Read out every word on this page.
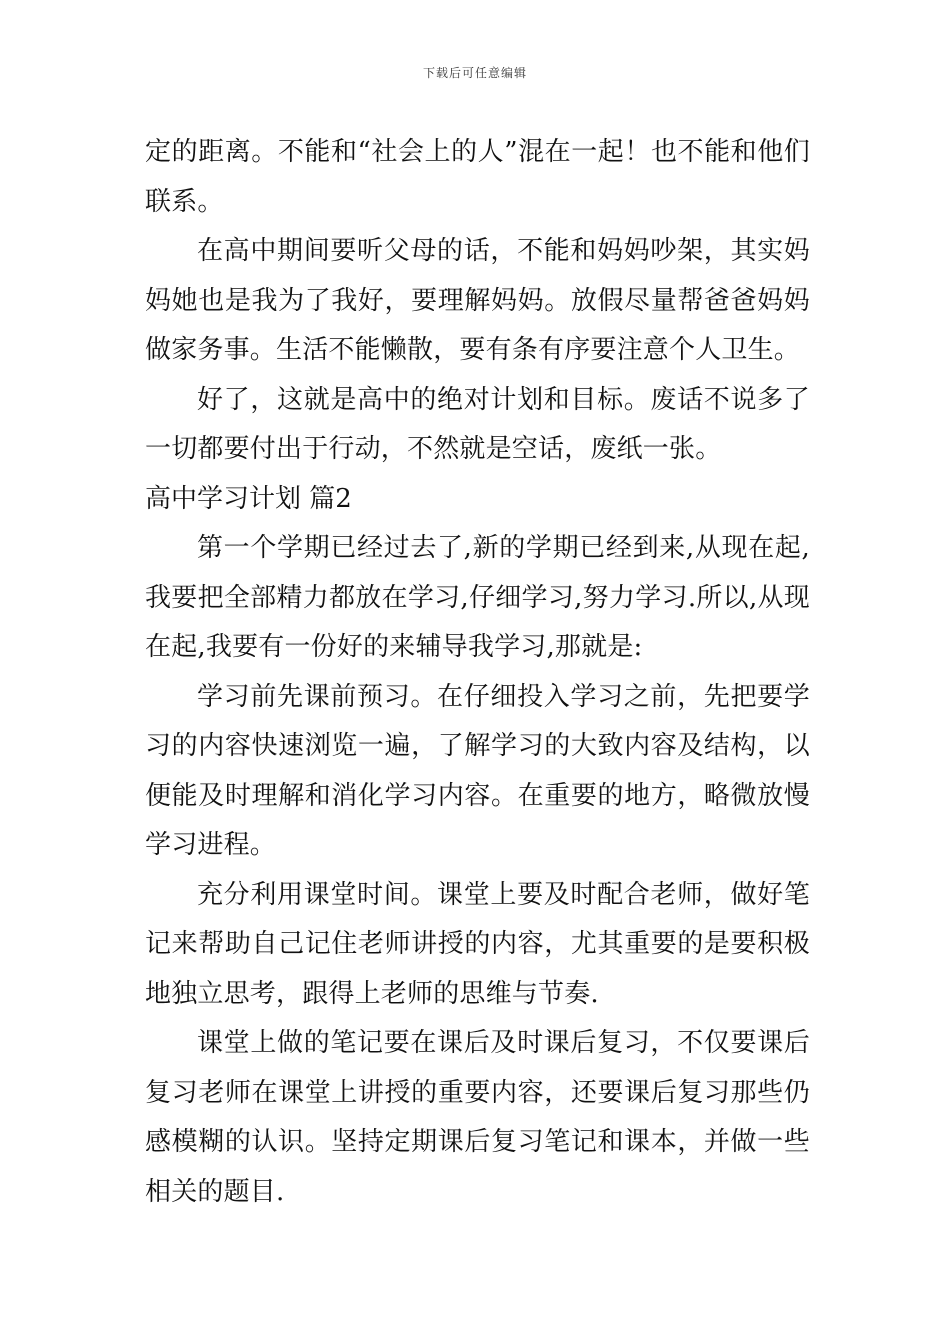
下载后可任意编辑

定的距离。不能和“社会上的人”混在一起！也不能和他们联系。

在高中期间要听父母的话，不能和妈妈吵架，其实妈妈她也是我为了我好，要理解妈妈。放假尽量帮爸爸妈妈做家务事。生活不能懒散，要有条有序要注意个人卫生。

好了，这就是高中的绝对计划和目标。废话不说多了一切都要付出于行动，不然就是空话，废纸一张。

高中学习计划 篇2

第一个学期已经过去了,新的学期已经到来,从现在起,我要把全部精力都放在学习,仔细学习,努力学习.所以,从现在起,我要有一份好的来辅导我学习,那就是:

学习前先课前预习。在仔细投入学习之前，先把要学习的内容快速浏览一遍，了解学习的大致内容及结构，以便能及时理解和消化学习内容。在重要的地方，略微放慢学习进程。

充分利用课堂时间。课堂上要及时配合老师，做好笔记来帮助自己记住老师讲授的内容，尤其重要的是要积极地独立思考，跟得上老师的思维与节奏.

课堂上做的笔记要在课后及时课后复习，不仅要课后复习老师在课堂上讲授的重要内容，还要课后复习那些仍感模糊的认识。坚持定期课后复习笔记和课本，并做一些相关的题目.
